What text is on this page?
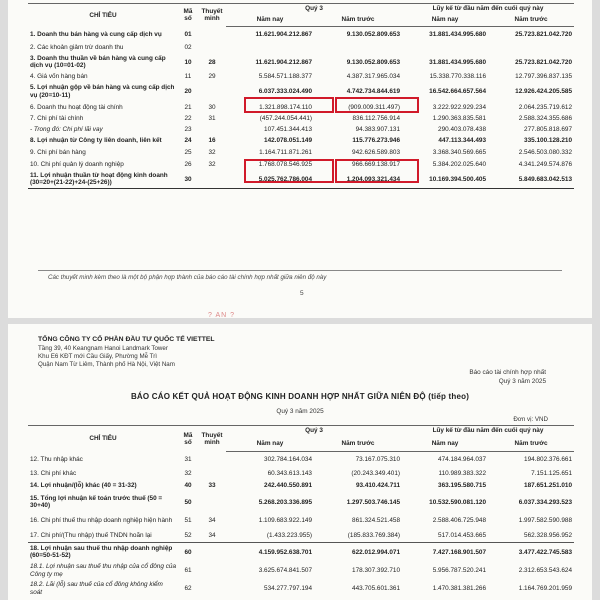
CHỈ TIÊU	Mã số	Thuyết minh	Quý 3		Lũy kế từ đầu năm đến cuối quý này	
			Năm nay	Năm trước	Năm nay	Năm trước
1. Doanh thu bán hàng và cung cấp dịch vụ	01		11.621.904.212.867	9.130.052.809.653	31.881.434.995.680	25.723.821.042.720
2. Các khoản giảm trừ doanh thu	02					
3. Doanh thu thuần về bán hàng và cung cấp dịch vụ (10=01-02)	10	28	11.621.904.212.867	9.130.052.809.653	31.881.434.995.680	25.723.821.042.720
4. Giá vốn hàng bán	11	29	5.584.571.188.377	4.387.317.965.034	15.338.770.338.116	12.797.396.837.135
5. Lợi nhuận gộp về bán hàng và cung cấp dịch vụ (20=10-11)	20		6.037.333.024.490	4.742.734.844.619	16.542.664.657.564	12.926.424.205.585
6. Doanh thu hoạt động tài chính	21	30	1.321.898.174.110	(909.009.311.497)	3.222.922.929.234	2.064.235.719.612
7. Chi phí tài chính	22	31	(457.244.054.441)	836.112.756.914	1.290.363.835.581	2.588.324.355.686
- Trong đó: Chi phí lãi vay	23		107.451.344.413	94.383.907.131	290.403.078.438	277.805.818.697
8. Lợi nhuận từ Công ty liên doanh, liên kết	24	16	142.078.051.149	115.776.273.946	447.113.344.493	335.100.128.210
9. Chi phí bán hàng	25	32	1.164.711.871.261	942.626.589.803	3.368.340.569.665	2.546.503.080.332
10. Chi phí quản lý doanh nghiệp	26	32	1.768.078.546.925	966.669.138.917	5.384.202.025.640	4.341.249.574.876
11. Lợi nhuận thuần từ hoạt động kinh doanh (30=20+(21-22)+24-(25+26))	30		5.025.762.786.004	1.204.093.321.434	10.169.394.500.405	5.849.683.042.513
Các thuyết minh kèm theo là một bộ phận hợp thành của báo cáo tài chính hợp nhất giữa niên độ này
5
? AN ?
TỔNG CÔNG TY CỔ PHẦN ĐẦU TƯ QUỐC TẾ VIETTEL
Tầng 39, 40 Keangnam Hanoi Landmark Tower
Khu E6 KĐT mới Cầu Giấy, Phường Mễ Trì
Quận Nam Từ Liêm, Thành phố Hà Nội, Việt Nam
Báo cáo tài chính hợp nhất
Quý 3 năm 2025
BÁO CÁO KẾT QUẢ HOẠT ĐỘNG KINH DOANH HỢP NHẤT GIỮA NIÊN ĐỘ (tiếp theo)
Quý 3 năm 2025
Đơn vị: VND
CHỈ TIÊU	Mã số	Thuyết minh	Quý 3		Lũy kế từ đầu năm đến cuối quý này	
			Năm nay	Năm trước	Năm nay	Năm trước
12. Thu nhập khác	31		302.784.164.034	73.167.075.310	474.184.964.037	194.802.376.661
13. Chi phí khác	32		60.343.613.143	(20.243.349.401)	110.989.383.322	7.151.125.651
14. Lợi nhuận/(lỗ) khác (40 = 31-32)	40	33	242.440.550.891	93.410.424.711	363.195.580.715	187.651.251.010
15. Tổng lợi nhuận kế toán trước thuế (50 = 30+40)	50		5.268.203.336.895	1.297.503.746.145	10.532.590.081.120	6.037.334.293.523
16. Chi phí thuế thu nhập doanh nghiệp hiện hành	51	34	1.109.683.922.149	861.324.521.458	2.588.406.725.948	1.997.582.590.988
17. Chi phí/(Thu nhập) thuế TNDN hoãn lại	52	34	(1.433.223.955)	(185.833.769.384)	517.014.453.665	562.328.956.952
18. Lợi nhuận sau thuế thu nhập doanh nghiệp (60=50-51-52)	60		4.159.952.638.701	622.012.994.071	7.427.168.901.507	3.477.422.745.583
18.1. Lợi nhuận sau thuế thu nhập của cổ đông của Công ty mẹ	61		3.625.674.841.507	178.307.392.710	5.956.787.520.241	2.312.653.543.624
18.2. Lãi (lỗ) sau thuế của cổ đông không kiểm soát	62		534.277.797.194	443.705.601.361	1.470.381.381.266	1.164.769.201.959
